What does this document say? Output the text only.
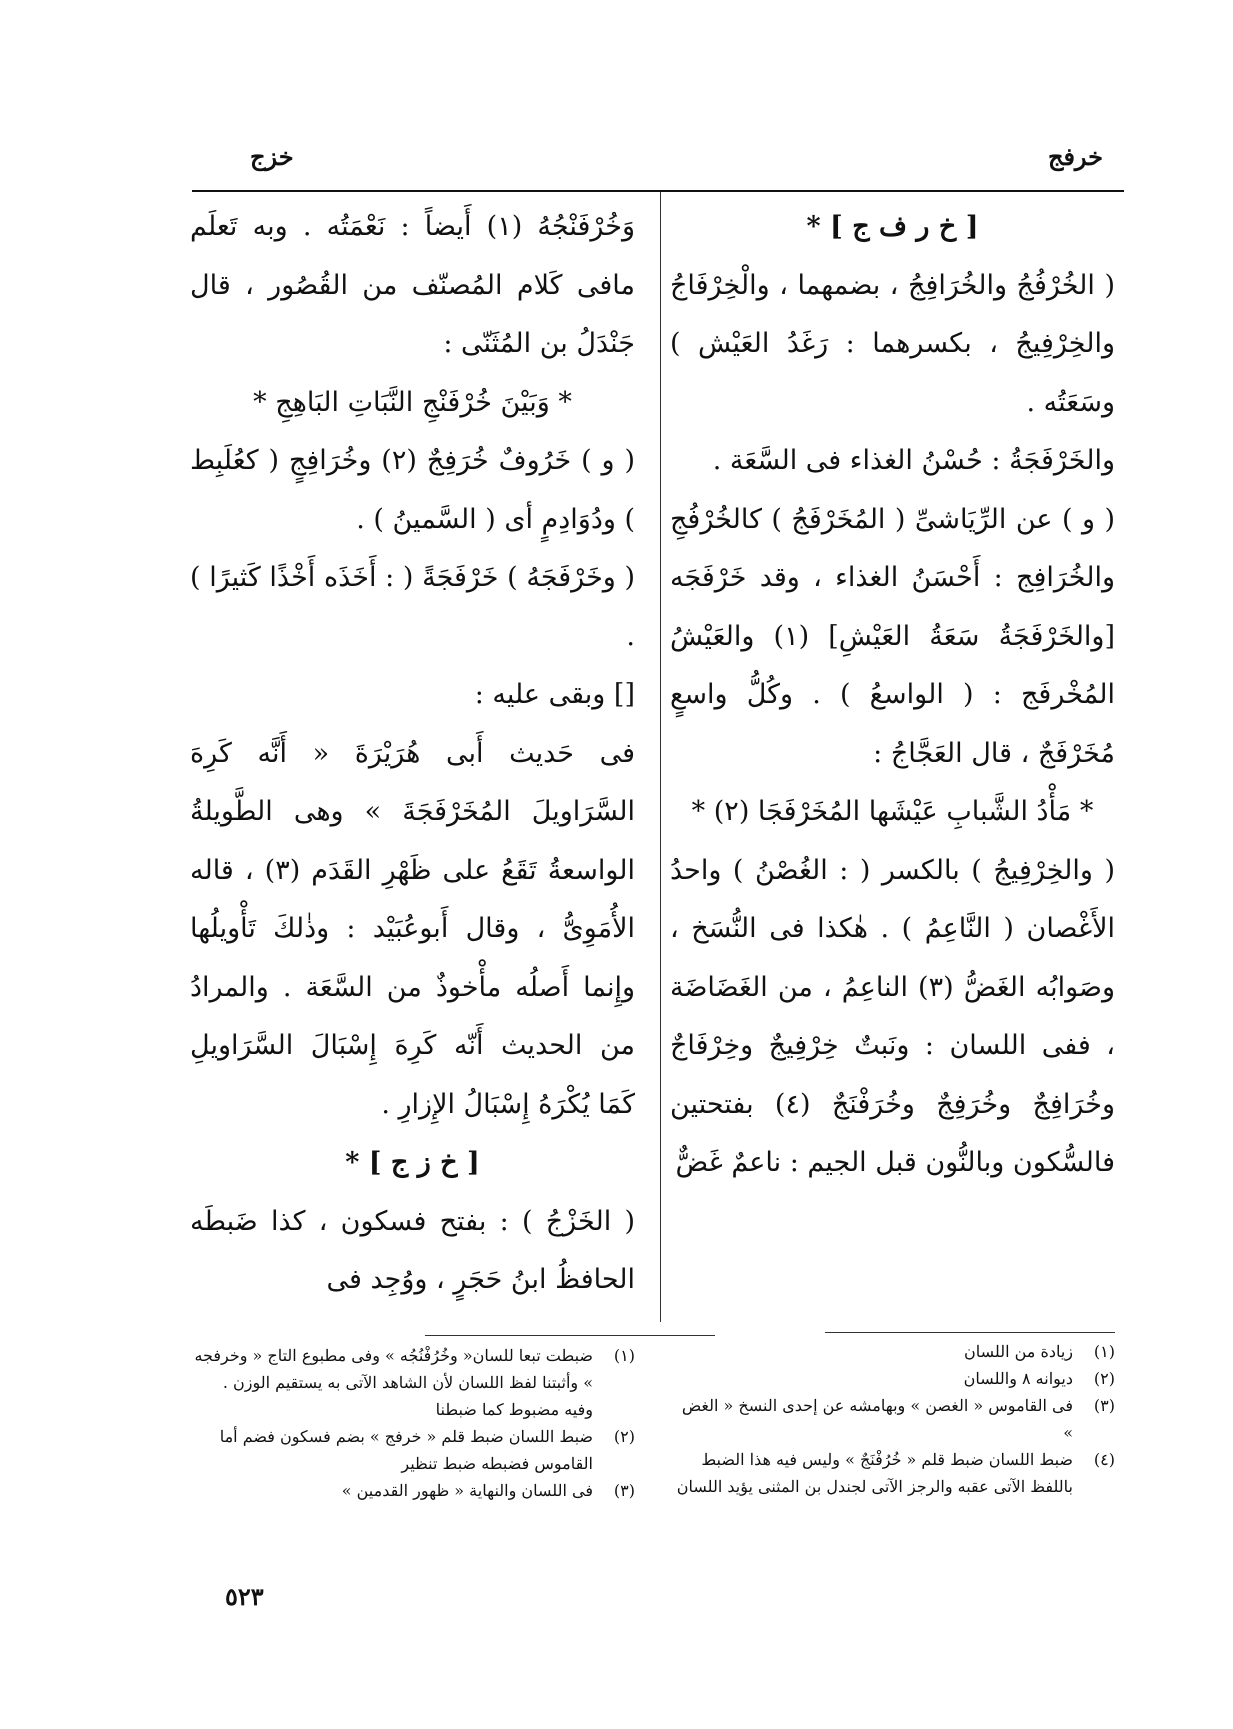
خرفج
خزج

[ خ ر ف ج ] *

( الخُرْفُجُ والخُرَافِجُ ، بضمهما ، والْخِرْفَاجُ والخِرْفِيجُ ، بكسرهما : رَغَدُ العَيْش ) وسَعَتُه .

والخَرْفَجَةُ : حُسْنُ الغذاء فى السَّعَة .

( و ) عن الرِّيَاشىِّ ( المُخَرْفَجُ ) كالخُرْفُجِ والخُرَافِج : أَحْسَنُ الغذاء ، وقد خَرْفَجَه [والخَرْفَجَةُ سَعَةُ العَيْشِ] (١) والعَيْشُ المُخْرفَج : ( الواسعُ ) . وكُلُّ واسعٍ مُخَرْفَجٌ ، قال العَجَّاجُ :

* مَأْدُ الشَّبابِ عَيْشَها المُخَرْفَجَا (٢) *

( والخِرْفِيجُ ) بالكسر ( : الغُصْنُ ) واحدُ الأَغْصان ( النَّاعِمُ ) . هٰكذا فى النُّسَخ ، وصَوابُه الغَضُّ (٣) الناعِمُ ، من الغَضَاضَة ، ففى اللسان : ونَبتٌ خِرْفِيجٌ وخِرْفَاجٌ وخُرَافِجٌ وخُرَفِجٌ وخُرَفْنَجٌ (٤) بفتحتين فالسُّكون وبالنُّون قبل الجيم : ناعمٌ غَضٌّ

وَخُرْفَنْجُهُ (١) أَيضاً : نَعْمَتُه . وبه تَعلَم مافى كَلام المُصنّف من القُصُور ، قال جَنْدَلُ بن المُثَنّى :

* وَبَيْنَ خُرْفَنْجِ النَّبَاتِ البَاهِجِ *

( و ) خَرُوفٌ خُرَفِجٌ (٢) وخُرَافِجٍ ( كعُلَبِط ) ودُوَادِمٍ أى ( السَّمينُ ) .

( وخَرْفَجَهُ ) خَرْفَجَةً ( : أَخَذَه أَخْذًا كَثيرًا ) .

[] وبقى عليه :

فى حَديث أَبى هُرَيْرَةَ « أَنَّه كَرِهَ السَّرَاويلَ المُخَرْفَجَةَ » وهى الطَّويلةُ الواسعةُ تَقَعُ على ظَهْرِ القَدَم (٣) ، قاله الأُمَوِىُّ ، وقال أَبوعُبَيْد : وذٰلكَ تَأْويلُها وإِنما أَصلُه مأْخوذٌ من السَّعَة . والمرادُ من الحديث أَنّه كَرِهَ إِسْبَالَ السَّرَاويلِ كَمَا يُكْرَهُ إِسْبَالُ الإِزارِ .

[ خ ز ج ] *

( الخَزْجُ ) : بفتح فسكون ، كذا ضَبطَه الحافظُ ابنُ حَجَرٍ ، ووُجِد فى

(١)
زيادة من اللسان

(٢)
ديوانه ٨ واللسان

(٣)
فى القاموس « الغصن » وبهامشه عن إحدى النسخ « الغض »

(٤)
ضبط اللسان ضبط قلم « خُرُفْنَجٌ » وليس فيه هذا الضبط باللفظ الآتى عقبه والرجز الآتى لجندل بن المثنى يؤيد اللسان

(١)
ضبطت تبعا للسان« وخُرُفْنُجُه » وفى مطبوع التاج « وخرفجه » وأثبتنا لفظ اللسان لأن الشاهد الآتى به يستقيم الوزن . وفيه مضبوط كما ضبطنا

(٢)
ضبط اللسان ضبط قلم « خرفج » بضم فسكون فضم أما القاموس فضبطه ضبط تنظير

(٣)
فى اللسان والنهاية « ظهور القدمين »

٥٢٣
